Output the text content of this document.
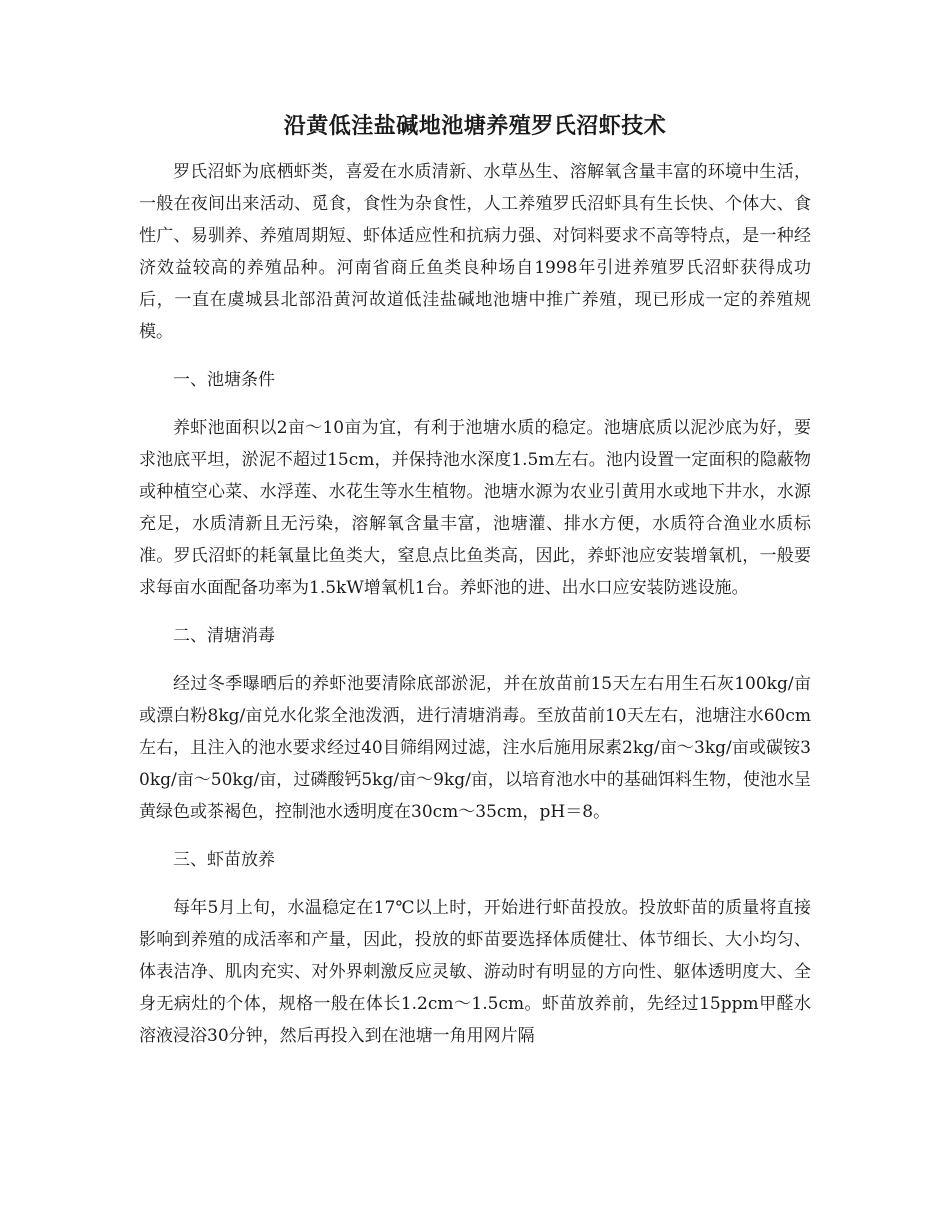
沿黄低洼盐碱地池塘养殖罗氏沼虾技术

罗氏沼虾为底栖虾类，喜爱在水质清新、水草丛生、溶解氧含量丰富的环境中生活，一般在夜间出来活动、觅食，食性为杂食性，人工养殖罗氏沼虾具有生长快、个体大、食性广、易驯养、养殖周期短、虾体适应性和抗病力强、对饲料要求不高等特点，是一种经济效益较高的养殖品种。河南省商丘鱼类良种场自1998年引进养殖罗氏沼虾获得成功后，一直在虞城县北部沿黄河故道低洼盐碱地池塘中推广养殖，现已形成一定的养殖规模。

一、池塘条件

养虾池面积以2亩～10亩为宜，有利于池塘水质的稳定。池塘底质以泥沙底为好，要求池底平坦，淤泥不超过15cm，并保持池水深度1.5m左右。池内设置一定面积的隐蔽物或种植空心菜、水浮莲、水花生等水生植物。池塘水源为农业引黄用水或地下井水，水源充足，水质清新且无污染，溶解氧含量丰富，池塘灌、排水方便，水质符合渔业水质标准。罗氏沼虾的耗氧量比鱼类大，窒息点比鱼类高，因此，养虾池应安装增氧机，一般要求每亩水面配备功率为1.5kW增氧机1台。养虾池的进、出水口应安装防逃设施。

二、清塘消毒

经过冬季曝晒后的养虾池要清除底部淤泥，并在放苗前15天左右用生石灰100kg/亩或漂白粉8kg/亩兑水化浆全池泼洒，进行清塘消毒。至放苗前10天左右，池塘注水60cm左右，且注入的池水要求经过40目筛绢网过滤，注水后施用尿素2kg/亩～3kg/亩或碳铵30kg/亩～50kg/亩，过磷酸钙5kg/亩～9kg/亩，以培育池水中的基础饵料生物，使池水呈黄绿色或茶褐色，控制池水透明度在30cm～35cm，pH＝8。

三、虾苗放养

每年5月上旬，水温稳定在17℃以上时，开始进行虾苗投放。投放虾苗的质量将直接影响到养殖的成活率和产量，因此，投放的虾苗要选择体质健壮、体节细长、大小均匀、体表洁净、肌肉充实、对外界刺激反应灵敏、游动时有明显的方向性、躯体透明度大、全身无病灶的个体，规格一般在体长1.2cm～1.5cm。虾苗放养前，先经过15ppm甲醛水溶液浸浴30分钟，然后再投入到在池塘一角用网片隔
